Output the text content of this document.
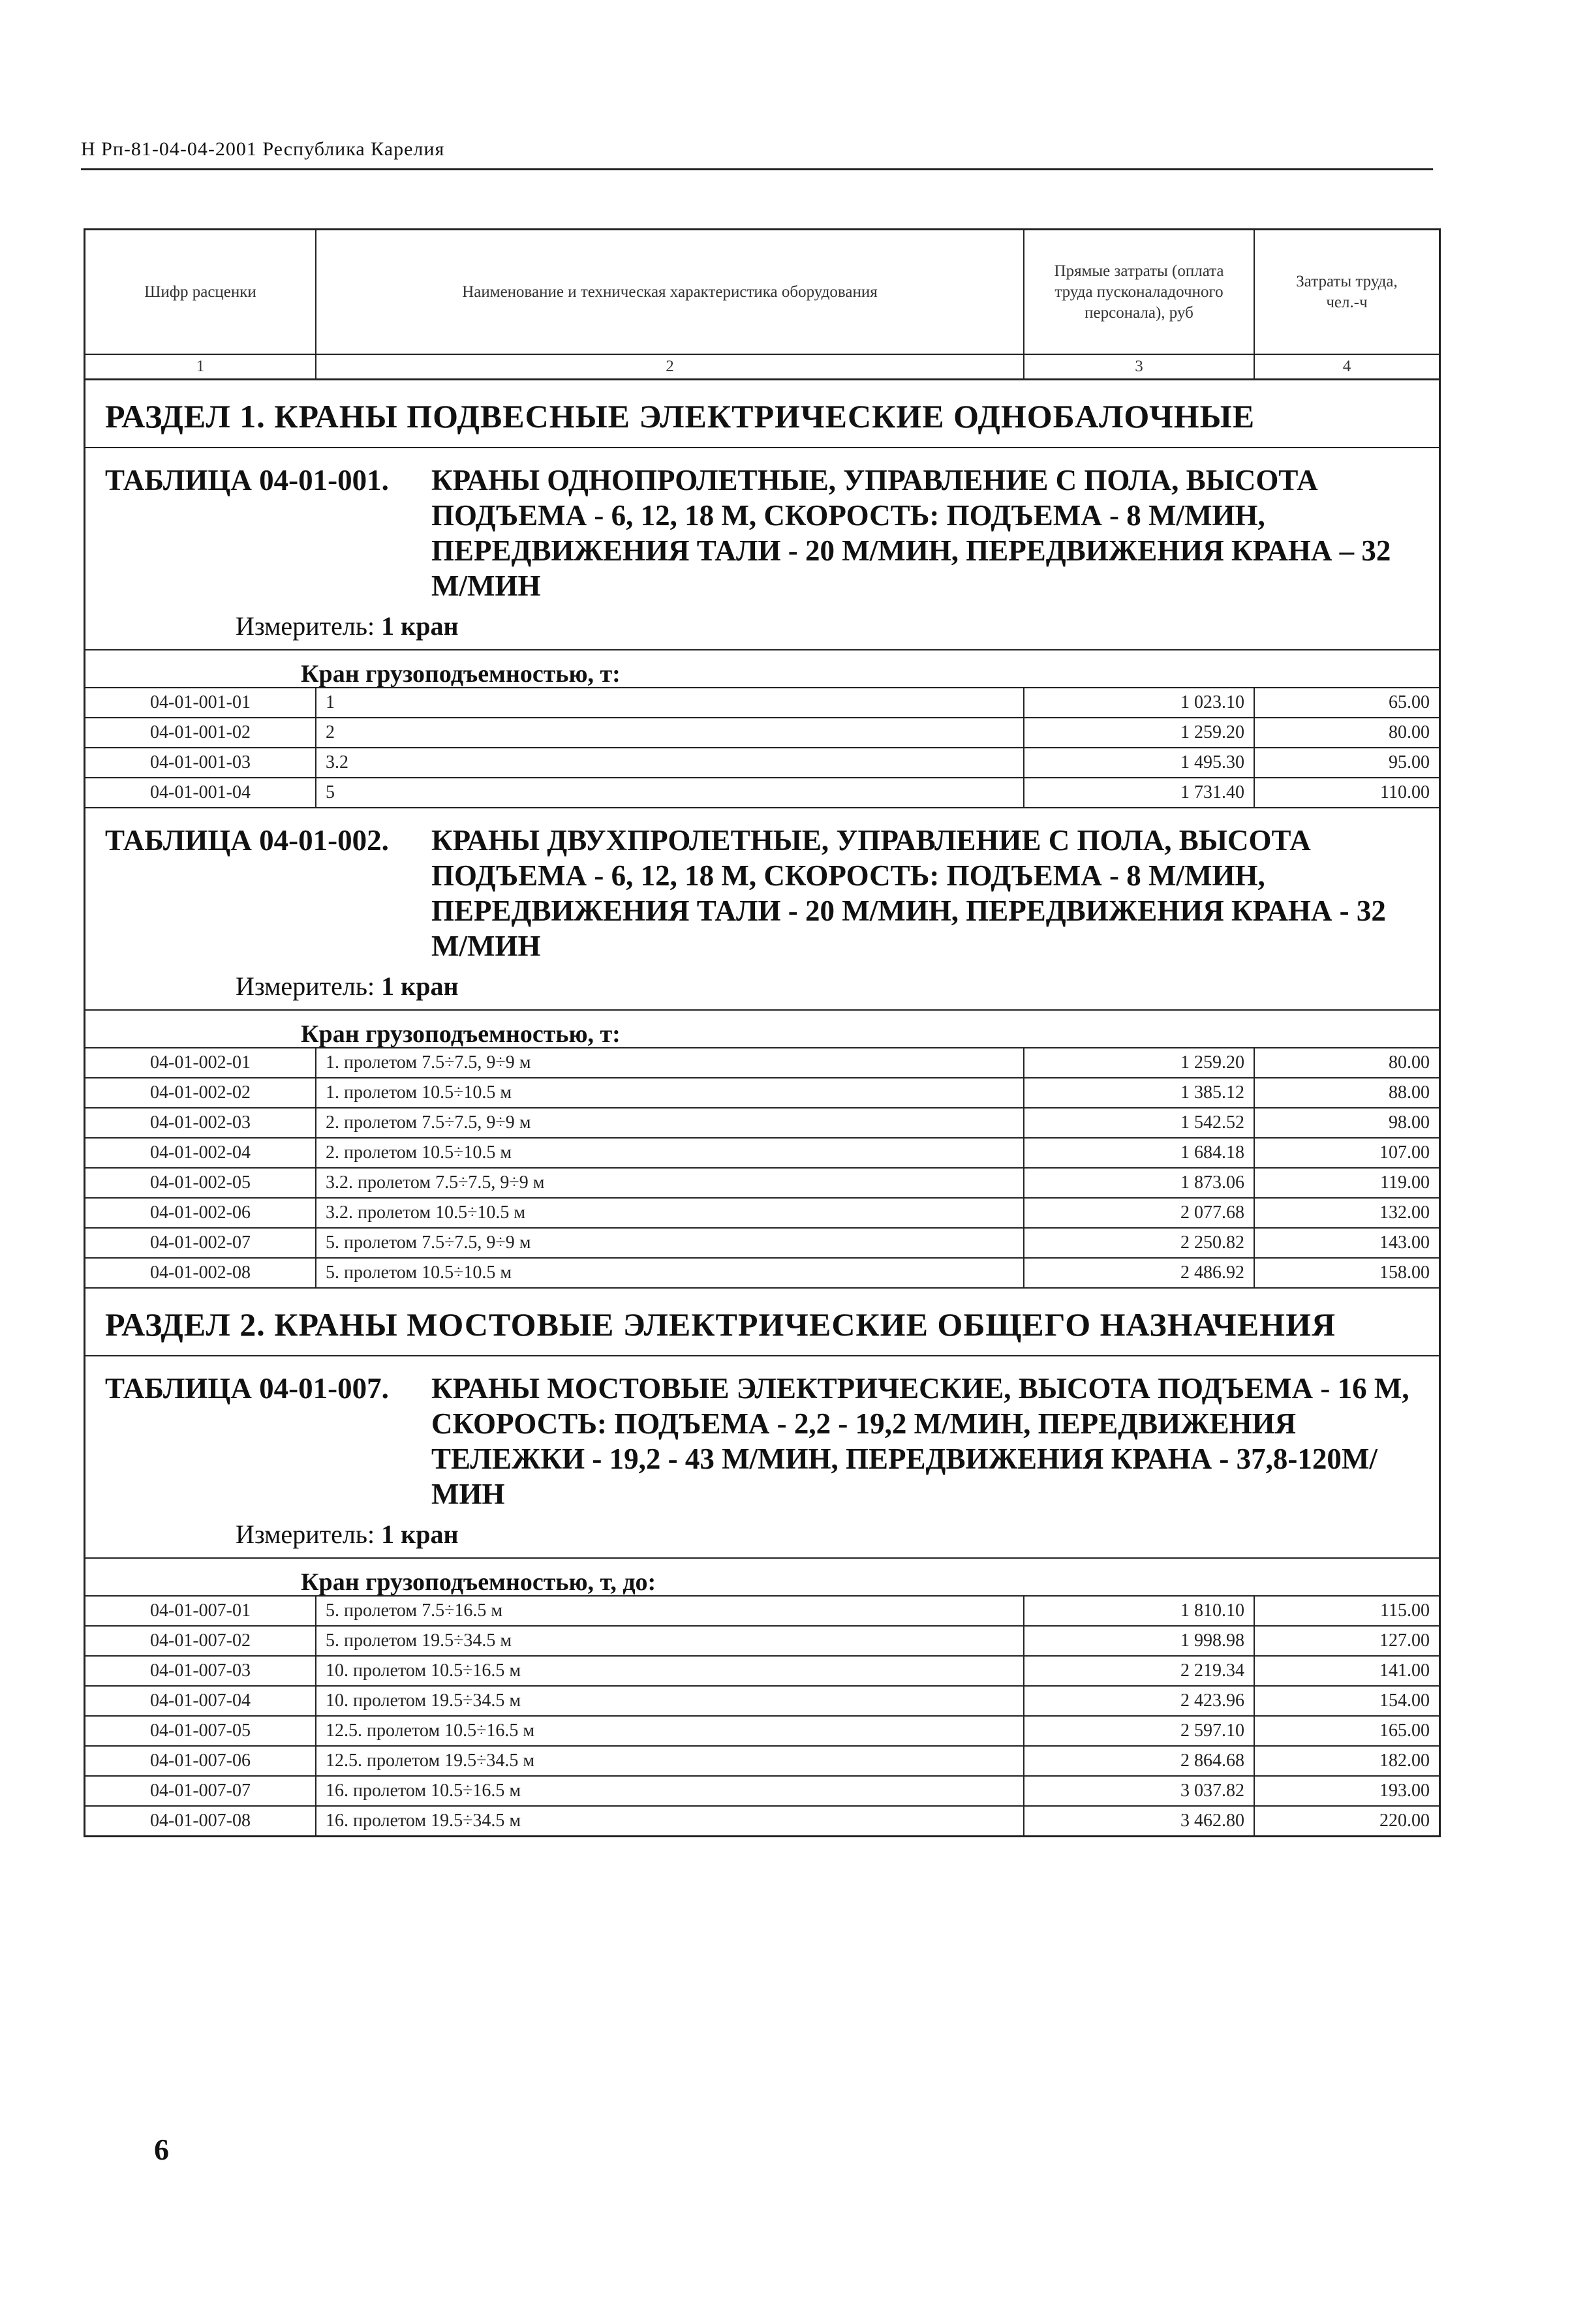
Н Рп-81-04-04-2001 Республика Карелия
Шифр расценки	Наименование и техническая характеристика оборудования	Прямые затраты (оплата труда пусконаладочного персонала), руб	Затраты труда, чел.-ч
1	2	3	4
РАЗДЕЛ 1. КРАНЫ ПОДВЕСНЫЕ ЭЛЕКТРИЧЕСКИЕ ОДНОБАЛОЧНЫЕ
ТАБЛИЦА 04-01-001. КРАНЫ ОДНОПРОЛЕТНЫЕ, УПРАВЛЕНИЕ С ПОЛА, ВЫСОТА ПОДЪЕМА - 6, 12, 18 М, СКОРОСТЬ: ПОДЪЕМА - 8 М/МИН, ПЕРЕДВИЖЕНИЯ ТАЛИ - 20 М/МИН, ПЕРЕДВИЖЕНИЯ КРАНА – 32 М/МИН
Измеритель: 1 кран
Кран грузоподъемностью, т:
04-01-001-01	1	1 023.10	65.00
04-01-001-02	2	1 259.20	80.00
04-01-001-03	3.2	1 495.30	95.00
04-01-001-04	5	1 731.40	110.00
ТАБЛИЦА 04-01-002. КРАНЫ ДВУХПРОЛЕТНЫЕ, УПРАВЛЕНИЕ С ПОЛА, ВЫСОТА ПОДЪЕМА - 6, 12, 18 М, СКОРОСТЬ: ПОДЪЕМА - 8 М/МИН, ПЕРЕДВИЖЕНИЯ ТАЛИ - 20 М/МИН, ПЕРЕДВИЖЕНИЯ КРАНА - 32 М/МИН
Измеритель: 1 кран
Кран грузоподъемностью, т:
04-01-002-01	1. пролетом 7.5÷7.5, 9÷9 м	1 259.20	80.00
04-01-002-02	1. пролетом 10.5÷10.5 м	1 385.12	88.00
04-01-002-03	2. пролетом 7.5÷7.5, 9÷9 м	1 542.52	98.00
04-01-002-04	2. пролетом 10.5÷10.5 м	1 684.18	107.00
04-01-002-05	3.2. пролетом 7.5÷7.5, 9÷9 м	1 873.06	119.00
04-01-002-06	3.2. пролетом 10.5÷10.5 м	2 077.68	132.00
04-01-002-07	5. пролетом 7.5÷7.5, 9÷9 м	2 250.82	143.00
04-01-002-08	5. пролетом 10.5÷10.5 м	2 486.92	158.00
РАЗДЕЛ 2. КРАНЫ МОСТОВЫЕ ЭЛЕКТРИЧЕСКИЕ ОБЩЕГО НАЗНАЧЕНИЯ
ТАБЛИЦА 04-01-007. КРАНЫ МОСТОВЫЕ ЭЛЕКТРИЧЕСКИЕ, ВЫСОТА ПОДЪЕМА - 16 М, СКОРОСТЬ: ПОДЪЕМА - 2,2 - 19,2 М/МИН, ПЕРЕДВИЖЕНИЯ ТЕЛЕЖКИ - 19,2 - 43 М/МИН, ПЕРЕДВИЖЕНИЯ КРАНА - 37,8-120М/МИН
Измеритель: 1 кран
Кран грузоподъемностью, т, до:
04-01-007-01	5. пролетом 7.5÷16.5 м	1 810.10	115.00
04-01-007-02	5. пролетом 19.5÷34.5 м	1 998.98	127.00
04-01-007-03	10. пролетом 10.5÷16.5 м	2 219.34	141.00
04-01-007-04	10. пролетом 19.5÷34.5 м	2 423.96	154.00
04-01-007-05	12.5. пролетом 10.5÷16.5 м	2 597.10	165.00
04-01-007-06	12.5. пролетом 19.5÷34.5 м	2 864.68	182.00
04-01-007-07	16. пролетом 10.5÷16.5 м	3 037.82	193.00
04-01-007-08	16. пролетом 19.5÷34.5 м	3 462.80	220.00
6
